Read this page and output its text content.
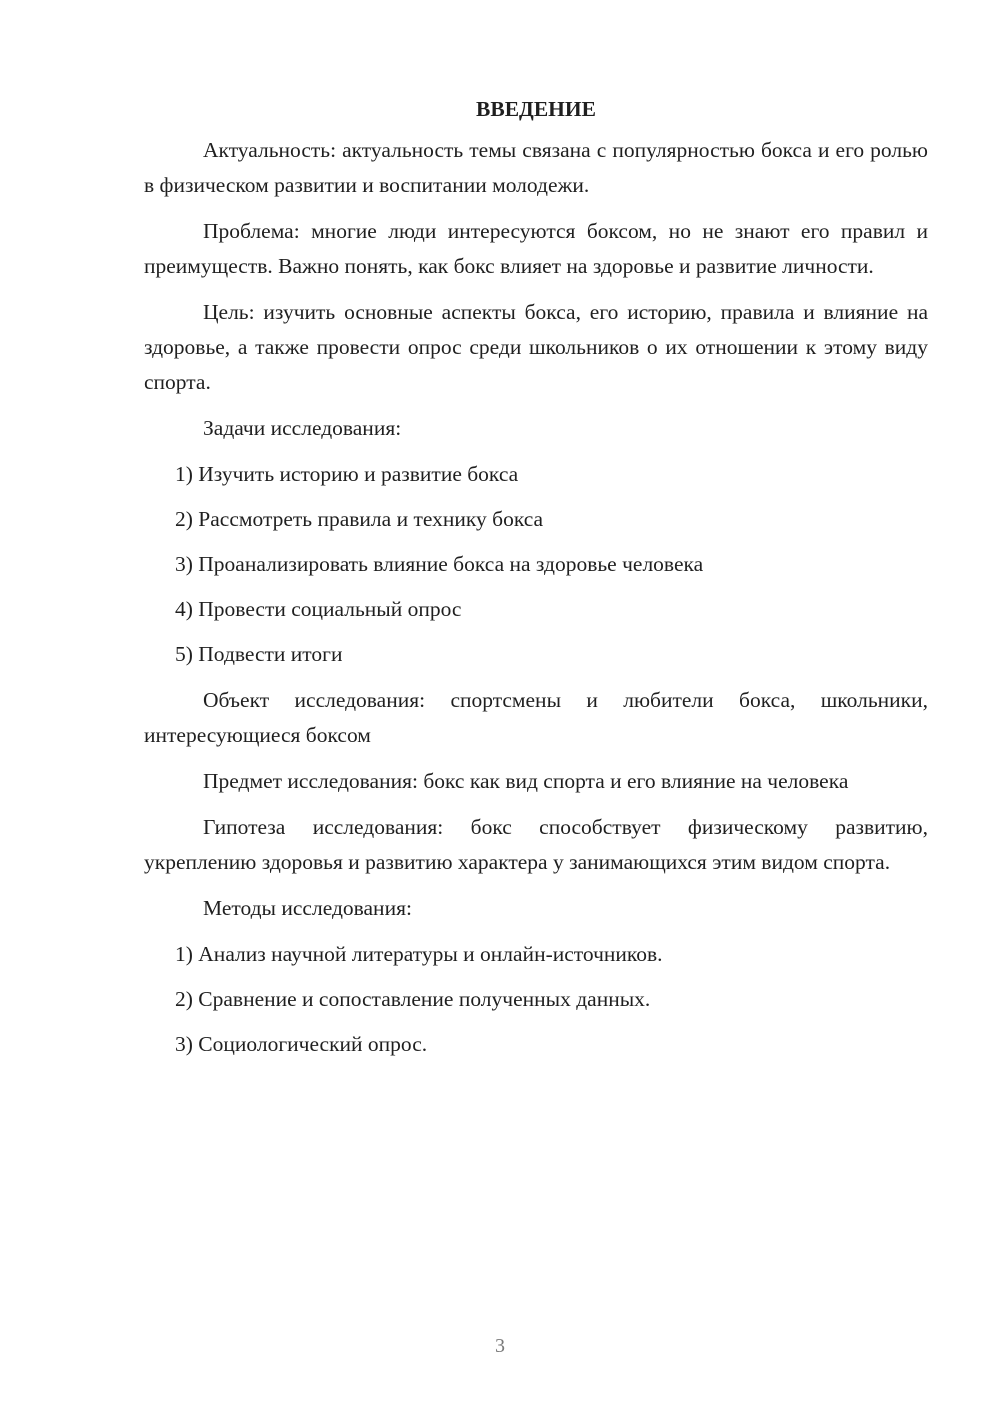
ВВЕДЕНИЕ

Актуальность: актуальность темы связана с популярностью бокса и его ролью в физическом развитии и воспитании молодежи.

Проблема: многие люди интересуются боксом, но не знают его правил и преимуществ. Важно понять, как бокс влияет на здоровье и развитие личности.

Цель: изучить основные аспекты бокса, его историю, правила и влияние на здоровье, а также провести опрос среди школьников о их отношении к этому виду спорта.

Задачи исследования:

1) Изучить историю и развитие бокса
2) Рассмотреть правила и технику бокса
3) Проанализировать влияние бокса на здоровье человека
4) Провести социальный опрос
5) Подвести итоги

Объект исследования: спортсмены и любители бокса, школьники, интересующиеся боксом

Предмет исследования: бокс как вид спорта и его влияние на человека

Гипотеза исследования: бокс способствует физическому развитию, укреплению здоровья и развитию характера у занимающихся этим видом спорта.

Методы исследования:

1) Анализ научной литературы и онлайн-источников.
2) Сравнение и сопоставление полученных данных.
3) Социологический опрос.
3
